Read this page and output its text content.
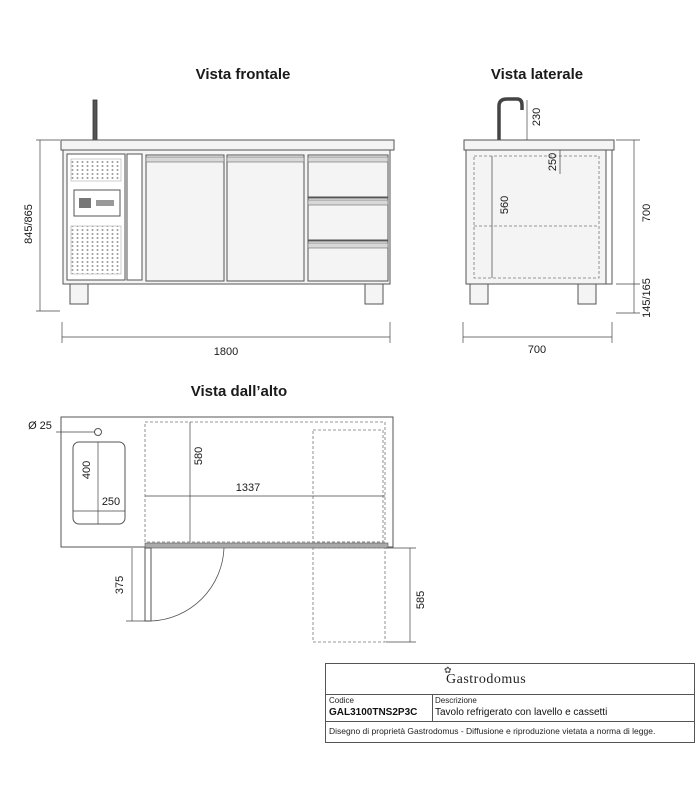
Vista frontale	Vista laterale
Vista dall’alto
845/865
1800
230
250
560	700
145/165
700
Ø 25
400
250
580
1337
375
585
✿
Gastrodomus
Codice
GAL3100TNS2P3C
Descrizione
Tavolo refrigerato con lavello e cassetti
Disegno di proprietà Gastrodomus - Diffusione e riproduzione vietata a norma di legge.
